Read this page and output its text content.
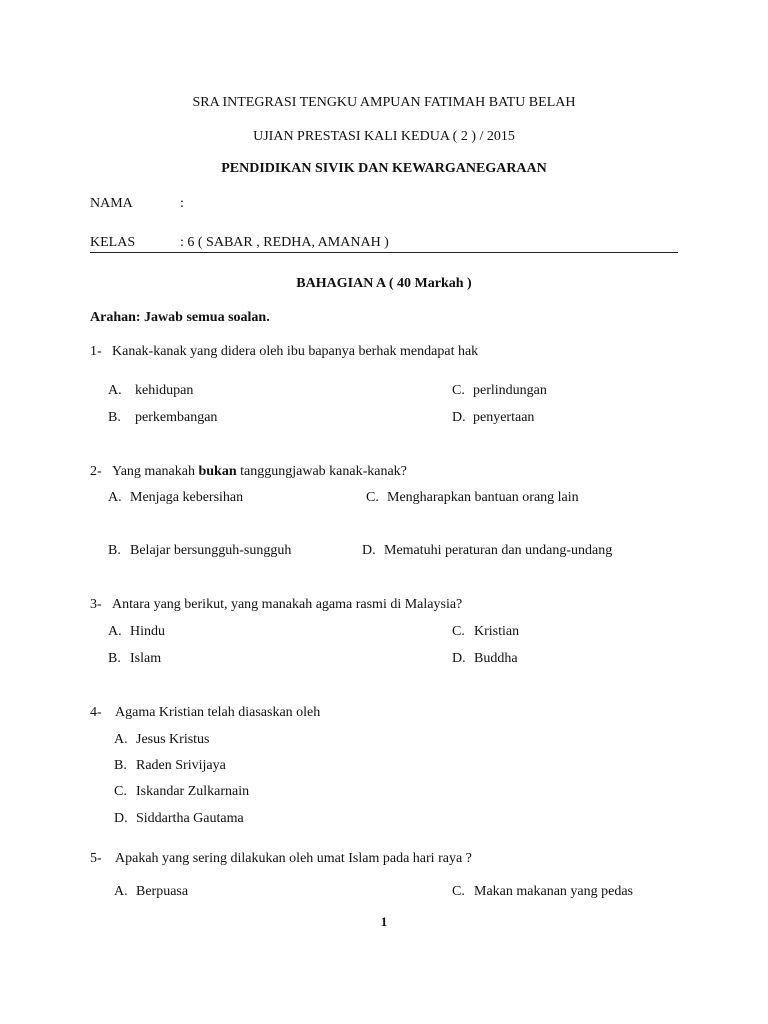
SRA INTEGRASI TENGKU AMPUAN FATIMAH BATU BELAH
UJIAN PRESTASI KALI KEDUA ( 2 ) / 2015
PENDIDIKAN SIVIK DAN KEWARGANEGARAAN
NAMA	:
KELAS	: 6 ( SABAR , REDHA, AMANAH )
BAHAGIAN A ( 40 Markah )
Arahan: Jawab semua soalan.
1- Kanak-kanak yang didera oleh ibu bapanya berhak mendapat hak
A. kehidupan
B. perkembangan
C. perlindungan
D. penyertaan
2- Yang manakah bukan tanggungjawab kanak-kanak?
A. Menjaga kebersihan
B. Belajar bersungguh-sungguh
C. Mengharapkan bantuan orang lain
D. Mematuhi peraturan dan undang-undang
3- Antara yang berikut, yang manakah agama rasmi di Malaysia?
A. Hindu
B. Islam
C. Kristian
D. Buddha
4- Agama Kristian telah diasaskan oleh
A. Jesus Kristus
B. Raden Srivijaya
C. Iskandar Zulkarnain
D. Siddartha Gautama
5- Apakah yang sering dilakukan oleh umat Islam pada hari raya ?
A. Berpuasa	C. Makan makanan yang pedas
1
